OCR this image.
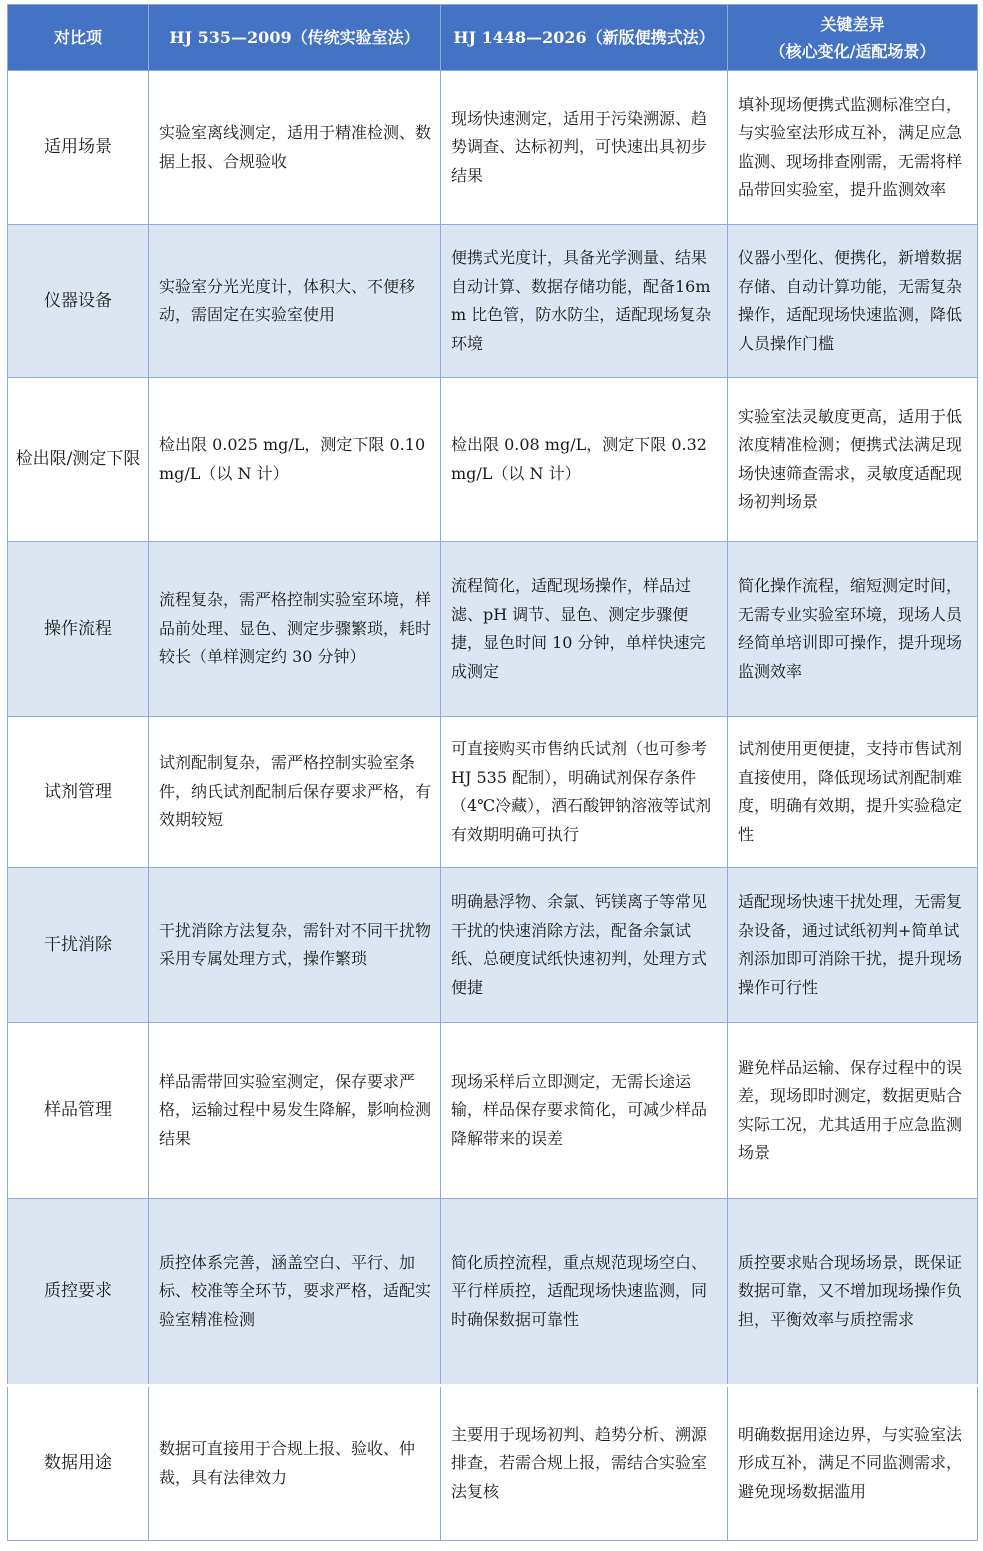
对比项	HJ 535—2009（传统实验室法）	HJ 1448—2026（新版便携式法）	关键差异
（核心变化/适配场景）

适用场景	实验室离线测定，适用于精准检测、数据上报、合规验收	现场快速测定，适用于污染溯源、趋势调查、达标初判，可快速出具初步结果	填补现场便携式监测标准空白，与实验室法形成互补，满足应急监测、现场排查刚需，无需将样品带回实验室，提升监测效率
仪器设备	实验室分光光度计，体积大、不便移动，需固定在实验室使用	便携式光度计，具备光学测量、结果自动计算、数据存储功能，配备16mm 比色管，防水防尘，适配现场复杂环境	仪器小型化、便携化，新增数据存储、自动计算功能，无需复杂操作，适配现场快速监测，降低人员操作门槛
检出限/测定下限	检出限 0.025 mg/L，测定下限 0.10 mg/L（以 N 计）	检出限 0.08 mg/L，测定下限 0.32 mg/L（以 N 计）	实验室法灵敏度更高，适用于低浓度精准检测；便携式法满足现场快速筛查需求，灵敏度适配现场初判场景
操作流程	流程复杂，需严格控制实验室环境，样品前处理、显色、测定步骤繁琐，耗时较长（单样测定约 30 分钟）	流程简化，适配现场操作，样品过滤、pH 调节、显色、测定步骤便捷，显色时间 10 分钟，单样快速完成测定	简化操作流程，缩短测定时间，无需专业实验室环境，现场人员经简单培训即可操作，提升现场监测效率
试剂管理	试剂配制复杂，需严格控制实验室条件，纳氏试剂配制后保存要求严格，有效期较短	可直接购买市售纳氏试剂（也可参考 HJ 535 配制），明确试剂保存条件（4℃冷藏），酒石酸钾钠溶液等试剂有效期明确可执行	试剂使用更便捷，支持市售试剂直接使用，降低现场试剂配制难度，明确有效期，提升实验稳定性
干扰消除	干扰消除方法复杂，需针对不同干扰物采用专属处理方式，操作繁琐	明确悬浮物、余氯、钙镁离子等常见干扰的快速消除方法，配备余氯试纸、总硬度试纸快速初判，处理方式便捷	适配现场快速干扰处理，无需复杂设备，通过试纸初判+简单试剂添加即可消除干扰，提升现场操作可行性
样品管理	样品需带回实验室测定，保存要求严格，运输过程中易发生降解，影响检测结果	现场采样后立即测定，无需长途运输，样品保存要求简化，可减少样品降解带来的误差	避免样品运输、保存过程中的误差，现场即时测定，数据更贴合实际工况，尤其适用于应急监测场景
质控要求	质控体系完善，涵盖空白、平行、加标、校准等全环节，要求严格，适配实验室精准检测	简化质控流程，重点规范现场空白、平行样质控，适配现场快速监测，同时确保数据可靠性	质控要求贴合现场场景，既保证数据可靠，又不增加现场操作负担，平衡效率与质控需求
数据用途	数据可直接用于合规上报、验收、仲裁，具有法律效力	主要用于现场初判、趋势分析、溯源排查，若需合规上报，需结合实验室法复核	明确数据用途边界，与实验室法形成互补，满足不同监测需求，避免现场数据滥用
